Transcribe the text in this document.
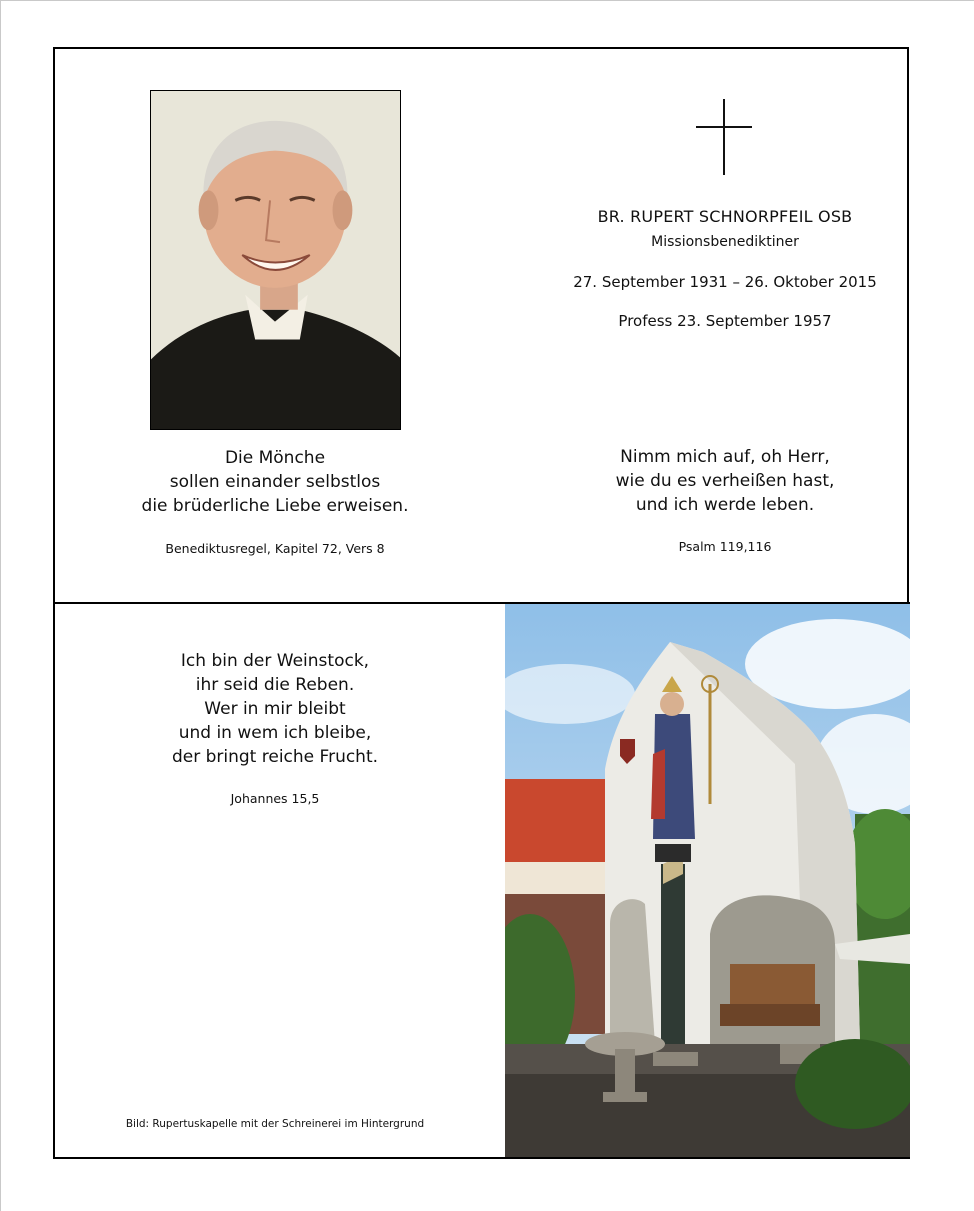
BR. RUPERT SCHNORPFEIL OSB
Missionsbenediktiner
27. September 1931 – 26. Oktober 2015
Profess 23. September 1957
Die Mönche
sollen einander selbstlos
die brüderliche Liebe erweisen.
Benediktusregel, Kapitel 72, Vers 8
Nimm mich auf, oh Herr,
wie du es verheißen hast,
und ich werde leben.
Psalm 119,116
Ich bin der Weinstock,
ihr seid die Reben.
Wer in mir bleibt
und in wem ich bleibe,
der bringt reiche Frucht.
Johannes 15,5
Bild: Rupertuskapelle mit der Schreinerei im Hintergrund
